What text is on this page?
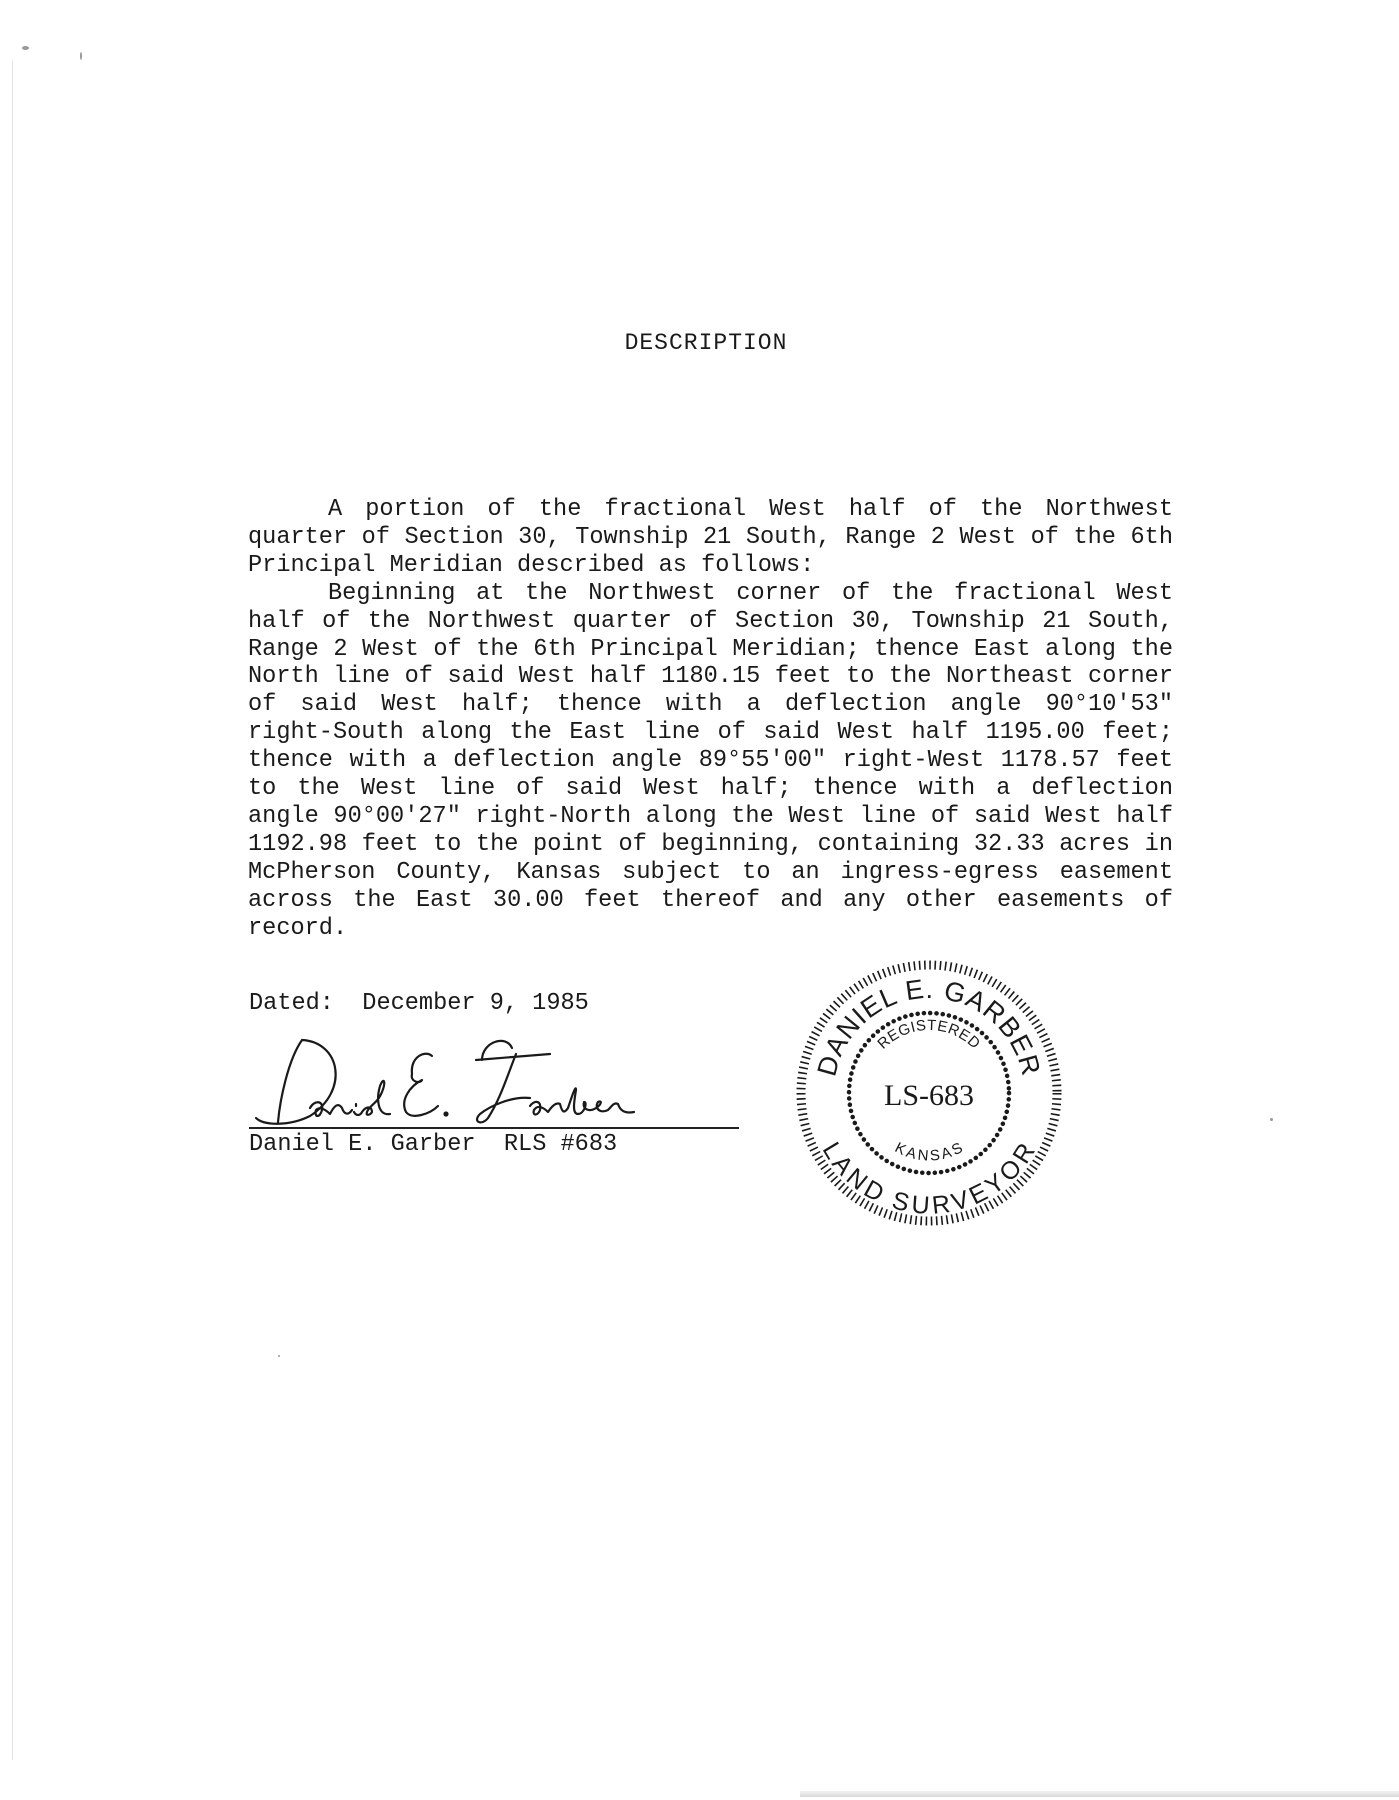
DESCRIPTION

A portion of the fractional West half of the Northwest quarter of Section 30, Township 21 South, Range 2 West of the 6th Principal Meridian described as follows:

Beginning at the Northwest corner of the fractional West half of the Northwest quarter of Section 30, Township 21 South, Range 2 West of the 6th Principal Meridian; thence East along the North line of said West half 1180.15 feet to the Northeast corner of said West half; thence with a deflection angle 90°10'53" right-South along the East line of said West half 1195.00 feet; thence with a deflection angle 89°55'00" right-West 1178.57 feet to the West line of said West half; thence with a deflection angle 90°00'27" right-North along the West line of said West half 1192.98 feet to the point of beginning, containing 32.33 acres in McPherson County, Kansas subject to an ingress-egress easement across the East 30.00 feet thereof and any other easements of record.

Dated: December 9, 1985
Daniel E. Garber RLS #683
DANIEL E. GARBER
REGISTERED
LS-683
KANSAS
LAND SURVEYOR
